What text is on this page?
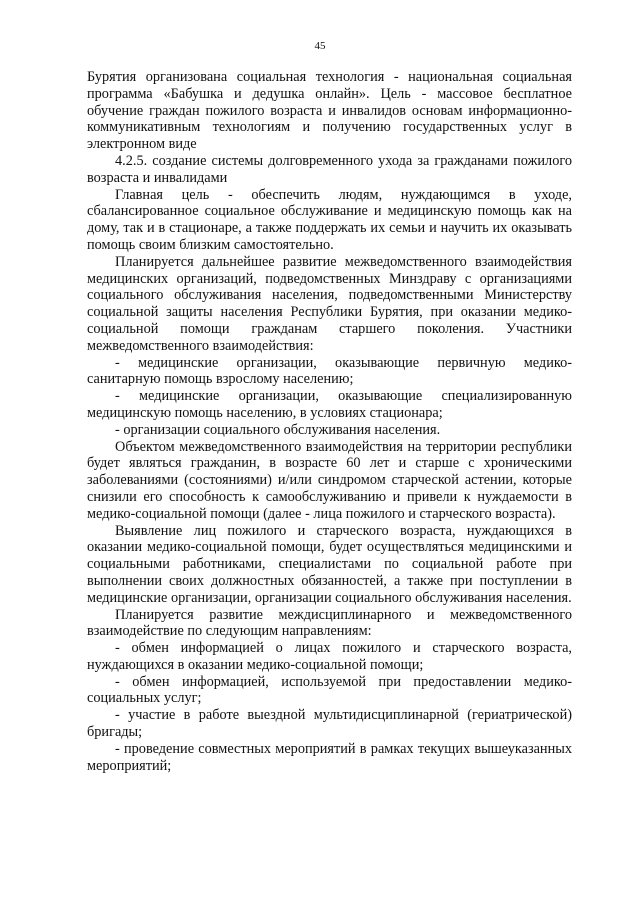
45

Бурятия организована социальная технология - национальная социальная программа «Бабушка и дедушка онлайн». Цель - массовое бесплатное обучение граждан пожилого возраста и инвалидов основам информационно-коммуникативным технологиям и получению государственных услуг в электронном виде

4.2.5. создание системы долговременного ухода за гражданами пожилого возраста и инвалидами

Главная цель - обеспечить людям, нуждающимся в уходе, сбалансированное социальное обслуживание и медицинскую помощь как на дому, так и в стационаре, а также поддержать их семьи и научить их оказывать помощь своим близким самостоятельно.

Планируется дальнейшее развитие межведомственного взаимодействия медицинских организаций, подведомственных Минздраву с организациями социального обслуживания населения, подведомственными Министерству социальной защиты населения Республики Бурятия, при оказании медико-социальной помощи гражданам старшего поколения. Участники межведомственного взаимодействия:

- медицинские организации, оказывающие первичную медико-санитарную помощь взрослому населению;

- медицинские организации, оказывающие специализированную медицинскую помощь населению, в условиях стационара;

- организации социального обслуживания населения.

Объектом межведомственного взаимодействия на территории республики будет являться гражданин, в возрасте 60 лет и старше с хроническими заболеваниями (состояниями) и/или синдромом старческой астении, которые снизили его способность к самообслуживанию и привели к нуждаемости в медико-социальной помощи (далее - лица пожилого и старческого возраста).

Выявление лиц пожилого и старческого возраста, нуждающихся в оказании медико-социальной помощи, будет осуществляться медицинскими и социальными работниками, специалистами по социальной работе при выполнении своих должностных обязанностей, а также при поступлении в медицинские организации, организации социального обслуживания населения.

Планируется развитие междисциплинарного и межведомственного взаимодействие по следующим направлениям:

- обмен информацией о лицах пожилого и старческого возраста, нуждающихся в оказании медико-социальной помощи;

- обмен информацией, используемой при предоставлении медико-социальных услуг;

- участие в работе выездной мультидисциплинарной (гериатрической) бригады;

- проведение совместных мероприятий в рамках текущих вышеуказанных мероприятий;
